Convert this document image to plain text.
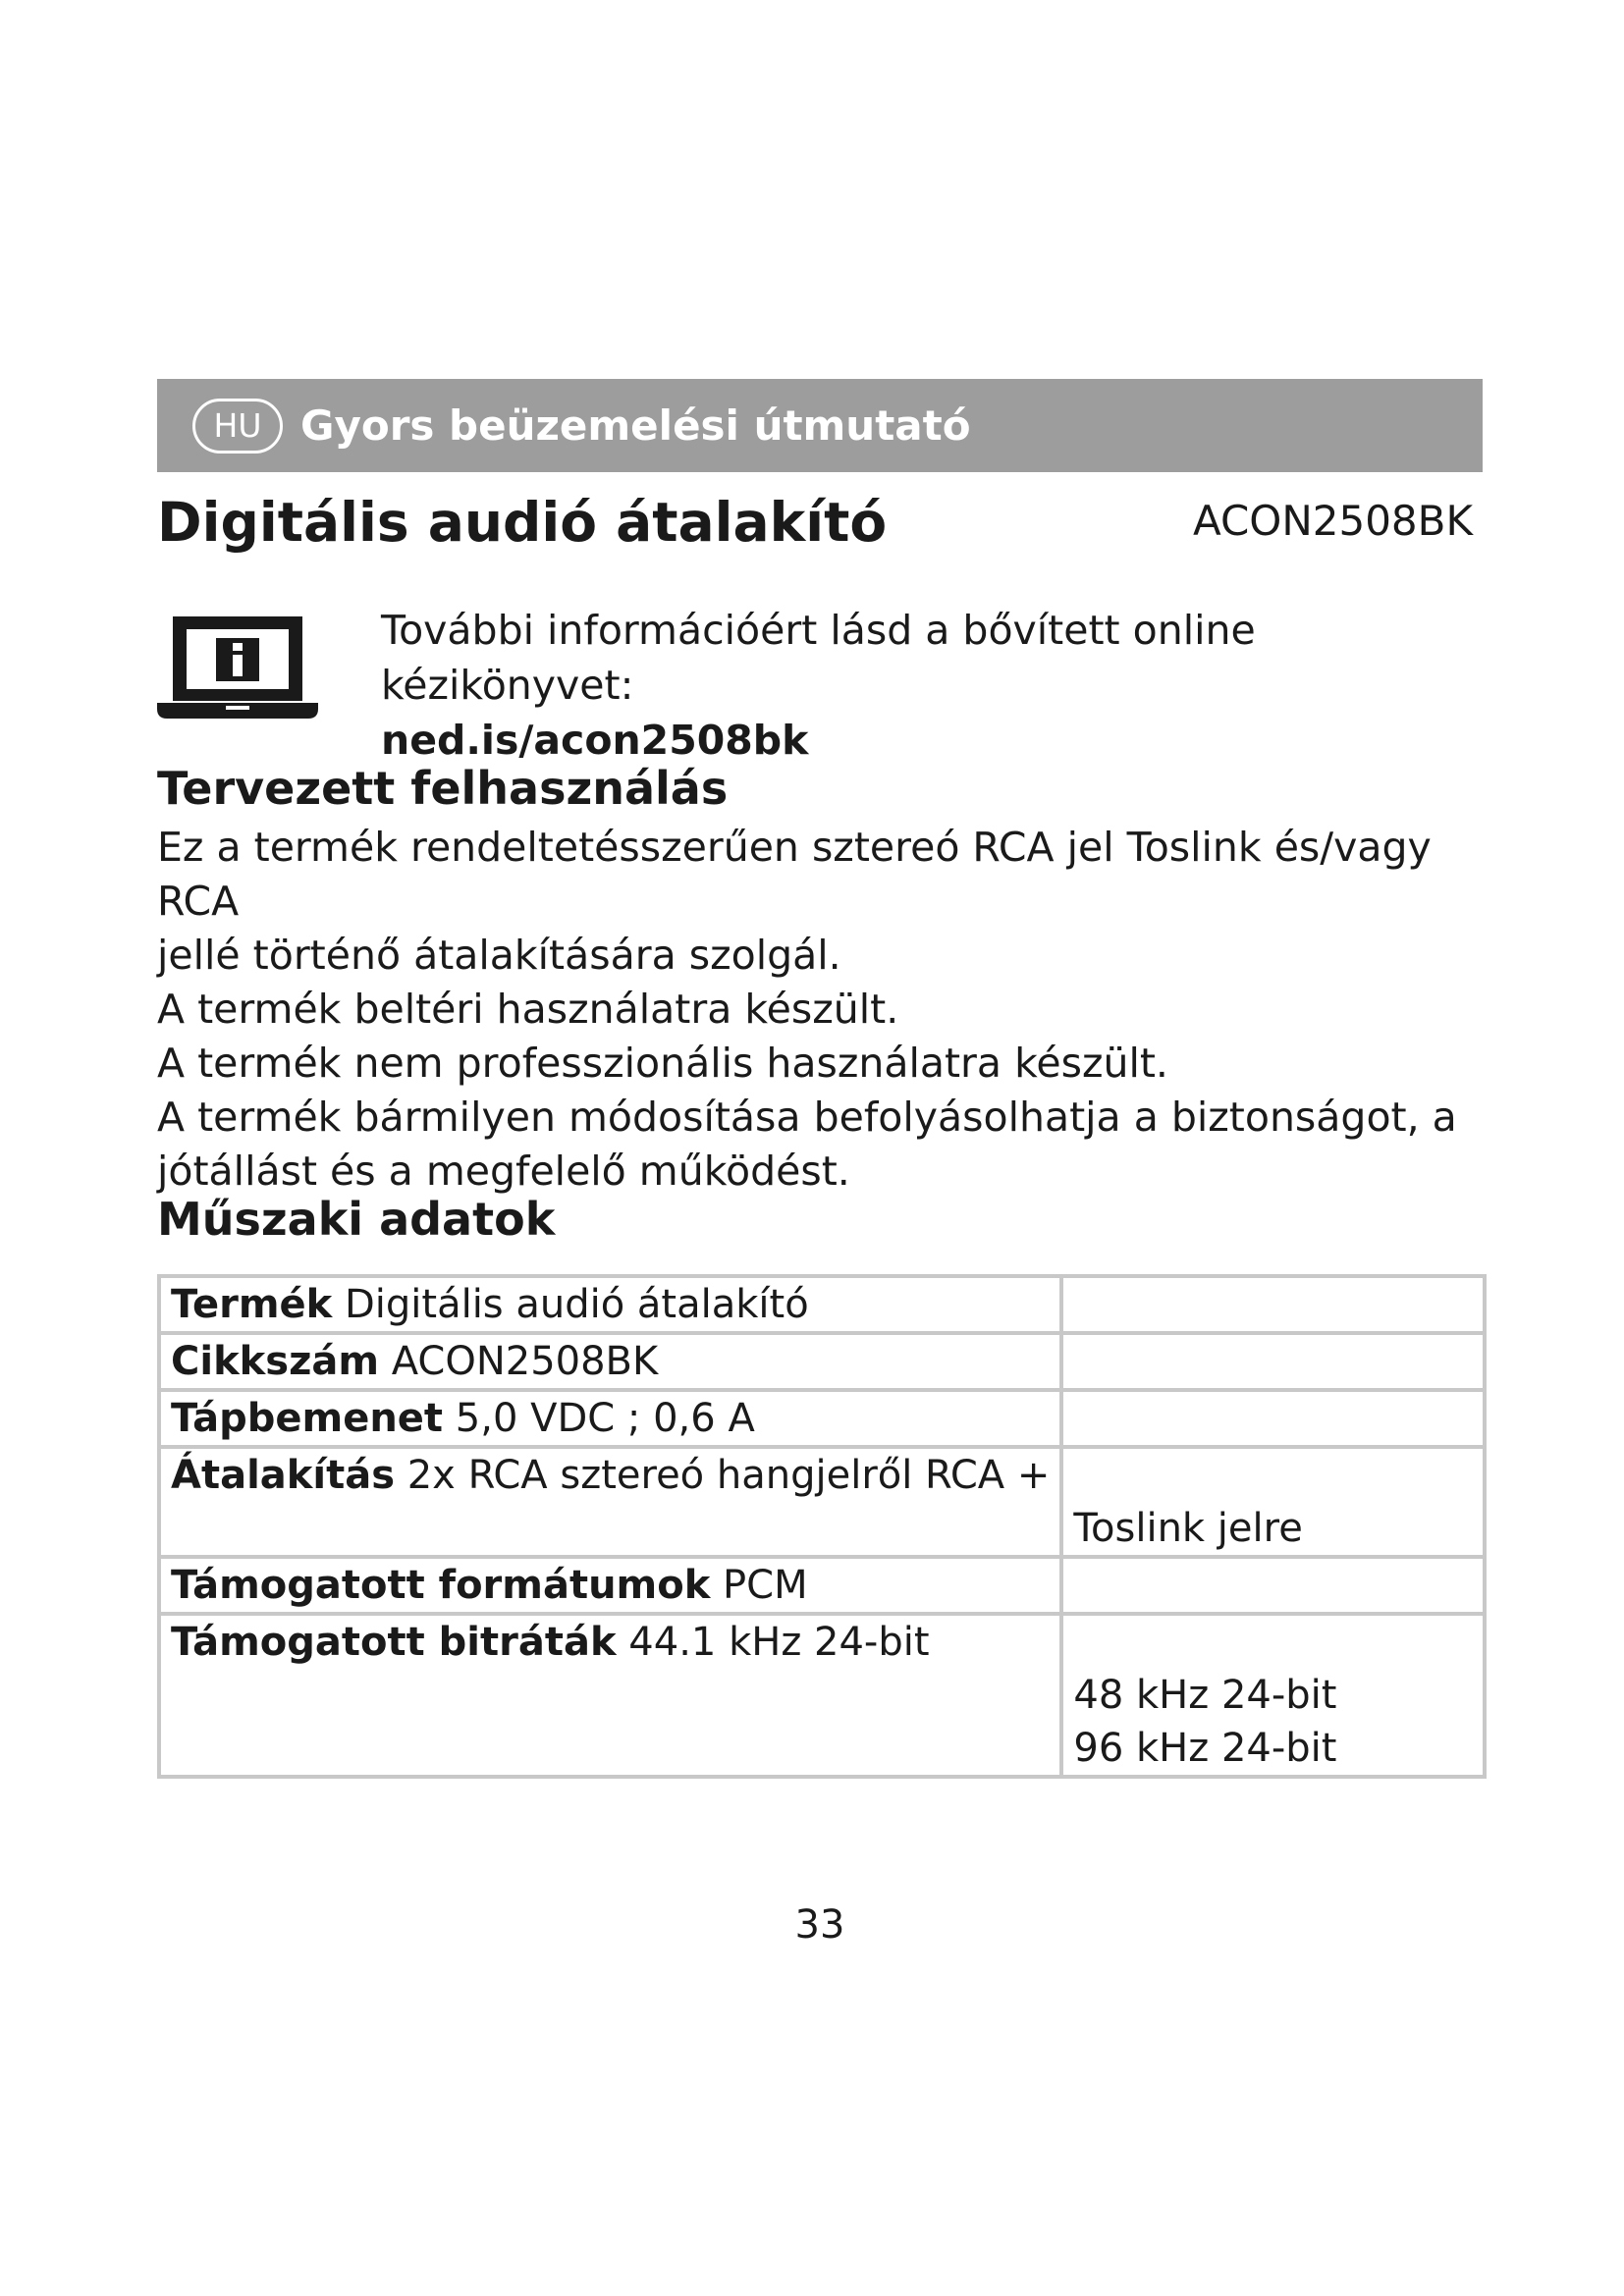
HU Gyors beüzemelési útmutató
Digitális audió átalakító	ACON2508BK
További információért lásd a bővített online kézikönyvet:
ned.is/acon2508bk
Tervezett felhasználás

Ez a termék rendeltetésszerűen sztereó RCA jel Toslink és/vagy RCA

jellé történő átalakítására szolgál.

A termék beltéri használatra készült.

A termék nem professzionális használatra készült.

A termék bármilyen módosítása befolyásolhatja a biztonságot, a

jótállást és a megfelelő működést.

Műszaki adatok
Termék Digitális audió átalakító	
Cikkszám ACON2508BK	
Tápbemenet 5,0 VDC ; 0,6 A	
Átalakítás 2x RCA sztereó hangjelről RCA +	Toslink jelre

Támogatott formátumok PCM	
Támogatott bitráták 44.1 kHz 24-bit	48 kHz 24-bit
96 kHz 24-bit
33
